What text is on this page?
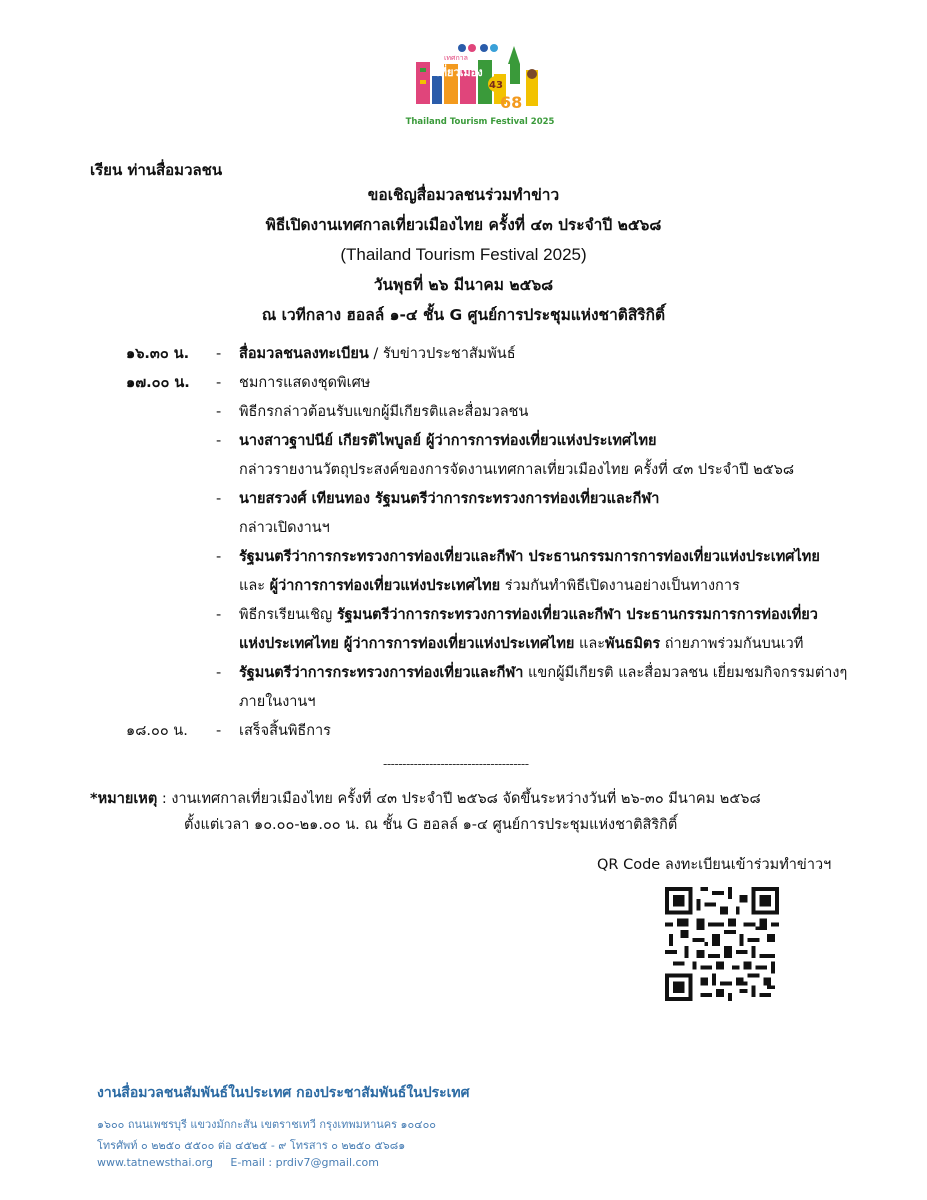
43
เทศกาล
เที่ยวเมือง
68
Thailand Tourism Festival 2025
เรียน ท่านสื่อมวลชน
ขอเชิญสื่อมวลชนร่วมทำข่าว
พิธีเปิดงานเทศกาลเที่ยวเมืองไทย ครั้งที่ ๔๓ ประจำปี ๒๕๖๘
(Thailand Tourism Festival 2025)
วันพุธที่ ๒๖ มีนาคม ๒๕๖๘
ณ เวทีกลาง ฮอลล์ ๑-๔ ชั้น G ศูนย์การประชุมแห่งชาติสิริกิติ์
๑๖.๓๐ น. - สื่อมวลชนลงทะเบียน / รับข่าวประชาสัมพันธ์
๑๗.๐๐ น. - ชมการแสดงชุดพิเศษ
- พิธีกรกล่าวต้อนรับแขกผู้มีเกียรติและสื่อมวลชน
- นางสาวฐาปนีย์ เกียรติไพบูลย์ ผู้ว่าการการท่องเที่ยวแห่งประเทศไทย
กล่าวรายงานวัตถุประสงค์ของการจัดงานเทศกาลเที่ยวเมืองไทย ครั้งที่ ๔๓ ประจำปี ๒๕๖๘
- นายสรวงศ์ เทียนทอง รัฐมนตรีว่าการกระทรวงการท่องเที่ยวและกีฬา
กล่าวเปิดงานฯ
- รัฐมนตรีว่าการกระทรวงการท่องเที่ยวและกีฬา ประธานกรรมการการท่องเที่ยวแห่งประเทศไทย
และ ผู้ว่าการการท่องเที่ยวแห่งประเทศไทย ร่วมกันทำพิธีเปิดงานอย่างเป็นทางการ
- พิธีกรเรียนเชิญ รัฐมนตรีว่าการกระทรวงการท่องเที่ยวและกีฬา ประธานกรรมการการท่องเที่ยว
แห่งประเทศไทย ผู้ว่าการการท่องเที่ยวแห่งประเทศไทย และพันธมิตร ถ่ายภาพร่วมกันบนเวที
- รัฐมนตรีว่าการกระทรวงการท่องเที่ยวและกีฬา แขกผู้มีเกียรติ และสื่อมวลชน เยี่ยมชมกิจกรรมต่างๆ
ภายในงานฯ
๑๘.๐๐ น. - เสร็จสิ้นพิธีการ
--------------------------------------
*หมายเหตุ : งานเทศกาลเที่ยวเมืองไทย ครั้งที่ ๔๓ ประจำปี ๒๕๖๘ จัดขึ้นระหว่างวันที่ ๒๖-๓๐ มีนาคม ๒๕๖๘
ตั้งแต่เวลา ๑๐.๐๐-๒๑.๐๐ น. ณ ชั้น G ฮอลล์ ๑-๔ ศูนย์การประชุมแห่งชาติสิริกิติ์
QR Code ลงทะเบียนเข้าร่วมทำข่าวฯ
งานสื่อมวลชนสัมพันธ์ในประเทศ กองประชาสัมพันธ์ในประเทศ
๑๖๐๐ ถนนเพชรบุรี แขวงมักกะสัน เขตราชเทวี กรุงเทพมหานคร ๑๐๔๐๐
โทรศัพท์ ๐ ๒๒๕๐ ๕๕๐๐ ต่อ ๔๕๒๕ - ๙ โทรสาร ๐ ๒๒๕๐ ๕๖๘๑
www.tatnewsthai.org     E-mail : prdiv7@gmail.com
